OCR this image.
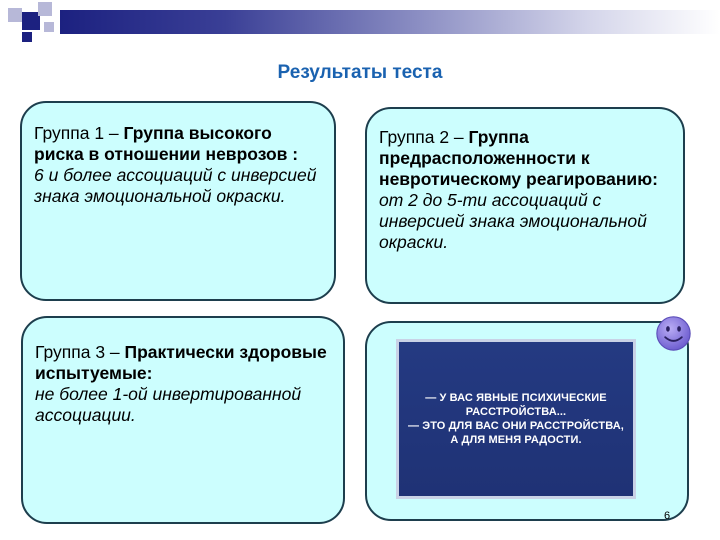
Результаты теста
Группа 1 – Группа высокого риска в отношении неврозов :
6 и более ассоциаций с инверсией знака эмоциональной окраски.
Группа 2 – Группа предрасположенности к невротическому реагированию:
от 2 до 5-ти ассоциаций с инверсией знака эмоциональной окраски.
Группа 3 – Практически здоровые испытуемые:
не более 1-ой инвертированной ассоциации.
— У ВАС ЯВНЫЕ ПСИХИЧЕСКИЕ
РАССТРОЙСТВА...
— ЭТО ДЛЯ ВАС ОНИ РАССТРОЙСТВА,
А ДЛЯ МЕНЯ РАДОСТИ.
6
